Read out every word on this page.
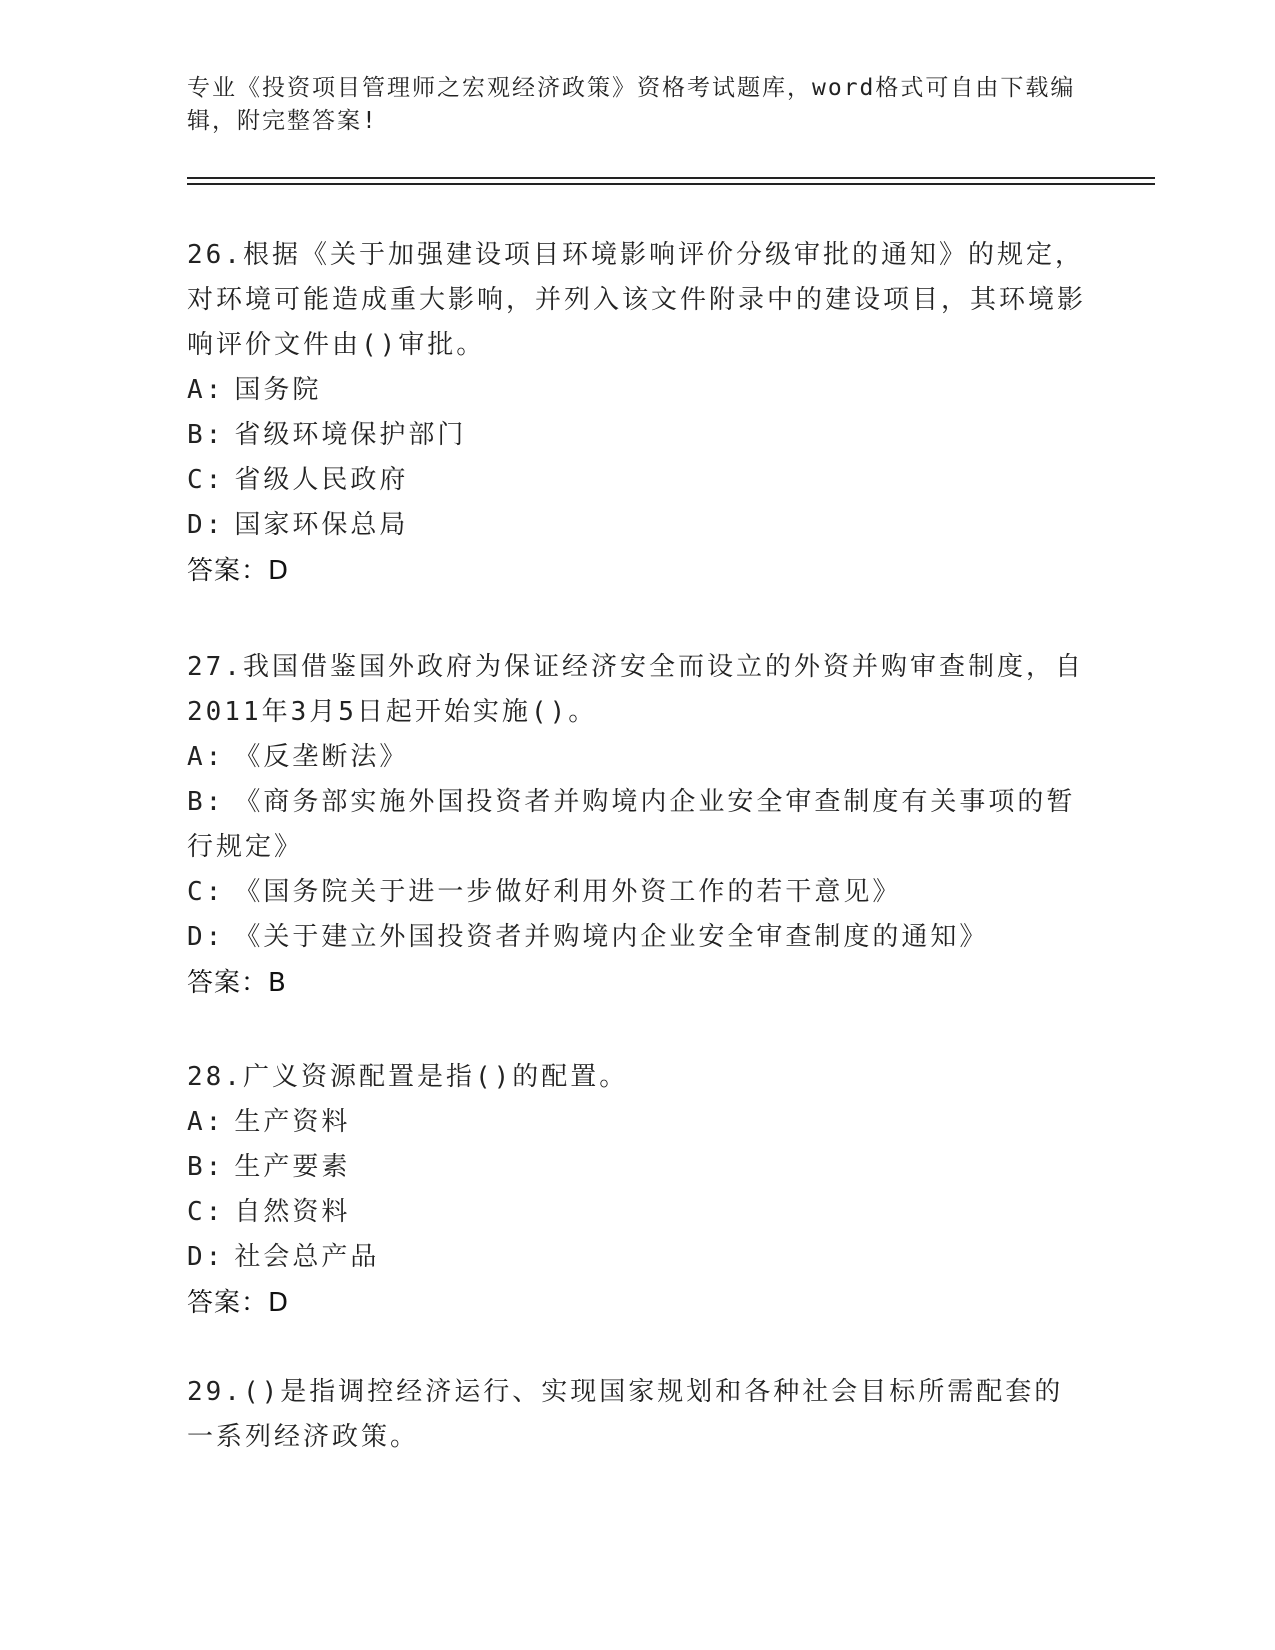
专业《投资项目管理师之宏观经济政策》资格考试题库，word格式可自由下载编辑，附完整答案!

26.根据《关于加强建设项目环境影响评价分级审批的通知》的规定，对环境可能造成重大影响，并列入该文件附录中的建设项目，其环境影响评价文件由()审批。

A: 国务院

B: 省级环境保护部门

C: 省级人民政府

D: 国家环保总局

答案：D

27.我国借鉴国外政府为保证经济安全而设立的外资并购审查制度，自2011年3月5日起开始实施()。

A: 《反垄断法》

B: 《商务部实施外国投资者并购境内企业安全审查制度有关事项的暂行规定》

C: 《国务院关于进一步做好利用外资工作的若干意见》

D: 《关于建立外国投资者并购境内企业安全审查制度的通知》

答案：B

28.广义资源配置是指()的配置。

A: 生产资料

B: 生产要素

C: 自然资料

D: 社会总产品

答案：D

29.()是指调控经济运行、实现国家规划和各种社会目标所需配套的一系列经济政策。
